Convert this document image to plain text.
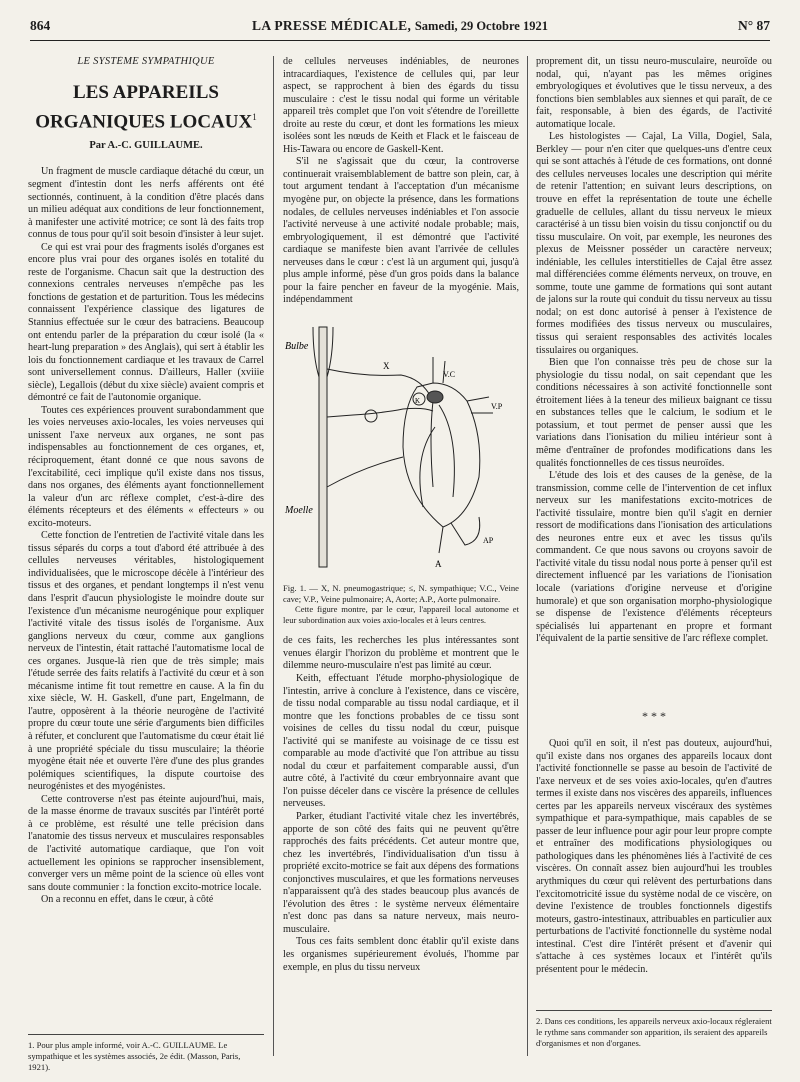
864	LA PRESSE MÉDICALE, Samedi, 29 Octobre 1921	N° 87
LE SYSTÈME SYMPATHIQUE
LES APPAREILS ORGANIQUES LOCAUX$^1$
Par A.-C. GUILLAUME.

Un fragment de muscle cardiaque détaché du cœur, un segment d'intestin dont les nerfs afférents ont été sectionnés, continuent, à la condition d'être placés dans un milieu adéquat aux conditions de leur fonctionnement, à manifester une activité motrice; ce sont là des faits trop connus de tous pour qu'il soit besoin d'insister à leur sujet.

Ce qui est vrai pour des fragments isolés d'organes est encore plus vrai pour des organes isolés en totalité du reste de l'organisme. Chacun sait que la destruction des connexions centrales nerveuses n'empêche pas les fonctions de gestation et de parturition. Tous les médecins connaissent l'expérience classique des ligatures de Stannius effectuée sur le cœur des batraciens. Beaucoup ont entendu parler de la préparation du cœur isolé (la « heart-lung preparation » des Anglais), qui sert à établir les lois du fonctionnement cardiaque et les travaux de Carrel sont universellement connus. D'ailleurs, Haller (xviiie siècle), Legallois (début du xixe siècle) avaient compris et démontré ce fait de l'autonomie organique.

Toutes ces expériences prouvent surabondamment que les voies nerveuses axio-locales, les voies nerveuses qui unissent l'axe nerveux aux organes, ne sont pas indispensables au fonctionnement de ces organes, et, réciproquement, étant donné ce que nous savons de l'excitabilité, ceci implique qu'il existe dans nos tissus, dans nos organes, des éléments ayant fonctionnellement la valeur d'un arc réflexe complet, c'est-à-dire des éléments récepteurs et des éléments « effecteurs » ou excito-moteurs.

Cette fonction de l'entretien de l'activité vitale dans les tissus séparés du corps a tout d'abord été attribuée à des cellules nerveuses véritables, histologiquement individualisées, que le microscope décèle à l'intérieur des tissus et des organes, et pendant longtemps il n'est venu dans l'esprit d'aucun physiologiste le moindre doute sur l'existence d'un mécanisme neurogénique pour expliquer l'activité vitale des tissus isolés de l'organisme. Aux ganglions nerveux du cœur, comme aux ganglions nerveux de l'intestin, était rattaché l'automatisme local de ces organes. Jusque-là rien que de très simple; mais l'étude serrée des faits relatifs à l'activité du cœur et à son mécanisme intime fit tout remettre en cause. A la fin du xixe siècle, W. H. Gaskell, d'une part, Engelmann, de l'autre, opposèrent à la théorie neurogène de l'activité propre du cœur toute une série d'arguments bien difficiles à réfuter, et conclurent que l'automatisme du cœur était lié à une propriété spéciale du tissu musculaire; la théorie myogène était née et ouverte l'ère d'une des plus grandes polémiques scientifiques, la dispute courtoise des neurogénistes et des myogénistes.

Cette controverse n'est pas éteinte aujourd'hui, mais, de la masse énorme de travaux suscités par l'intérêt porté à ce problème, est résulté une telle précision dans l'anatomie des tissus nerveux et musculaires responsables de l'activité automatique cardiaque, que l'on voit actuellement les opinions se rapprocher insensiblement, converger vers un même point de la science où elles vont sans doute communier : la fonction excito-motrice locale.

On a reconnu en effet, dans le cœur, à côté

de cellules nerveuses indéniables, de neurones intracardiaques, l'existence de cellules qui, par leur aspect, se rapprochent à bien des égards du tissu musculaire : c'est le tissu nodal qui forme un véritable appareil très complet que l'on voit s'étendre de l'oreillette droite au reste du cœur, et dont les formations les mieux isolées sont les nœuds de Keith et Flack et le faisceau de His-Tawara ou encore de Gaskell-Kent.

S'il ne s'agissait que du cœur, la controverse continuerait vraisemblablement de battre son plein, car, à tout argument tendant à l'acceptation d'un mécanisme myogène pur, on objecte la présence, dans les formations nodales, de cellules nerveuses indéniables et l'on associe l'activité nerveuse à une activité nodale probable; mais, embryologiquement, il est démontré que l'activité cardiaque se manifeste bien avant l'arrivée de cellules nerveuses dans le cœur : c'est là un argument qui, jusqu'à plus ample informé, pèse d'un gros poids dans la balance pour la faire pencher en faveur de la myogénie. Mais, indépendamment

Bulbe
Moelle
X
K
V.C
V.P
AP
A

Fig. 1. — X, N. pneumogastrique; ≤, N. sympathique; V.C., Veine cave; V.P., Veine pulmonaire; A, Aorte; A.P., Aorte pulmonaire.

Cette figure montre, par le cœur, l'appareil local autonome et leur subordination aux voies axio-locales et à leurs centres.

de ces faits, les recherches les plus intéressantes sont venues élargir l'horizon du problème et montrent que le dilemme neuro-musculaire n'est pas limité au cœur.

Keith, effectuant l'étude morpho-physiologique de l'intestin, arrive à conclure à l'existence, dans ce viscère, de tissu nodal comparable au tissu nodal cardiaque, et il montre que les fonctions probables de ce tissu sont voisines de celles du tissu nodal du cœur, puisque l'activité qui se manifeste au voisinage de ce tissu est comparable au mode d'activité que l'on attribue au tissu nodal du cœur et parfaitement comparable aussi, d'un autre côté, à l'activité du cœur embryonnaire avant que l'on puisse déceler dans ce viscère la présence de cellules nerveuses.

Parker, étudiant l'activité vitale chez les invertébrés, apporte de son côté des faits qui ne peuvent qu'être rapprochés des faits précédents. Cet auteur montre que, chez les invertébrés, l'individualisation d'un tissu à propriété excito-motrice se fait aux dépens des formations conjonctives musculaires, et que les formations nerveuses n'apparaissent qu'à des stades beaucoup plus avancés de l'évolution des êtres : le système nerveux élémentaire n'est donc pas dans sa nature nerveux, mais neuro-musculaire.

Tous ces faits semblent donc établir qu'il existe dans les organismes supérieurement évolués, l'homme par exemple, en plus du tissu nerveux

proprement dit, un tissu neuro-musculaire, neuroïde ou nodal, qui, n'ayant pas les mêmes origines embryologiques et évolutives que le tissu nerveux, a des fonctions bien semblables aux siennes et qui paraît, de ce fait, responsable, à bien des égards, de l'activité automatique locale.

Les histologistes — Cajal, La Villa, Dogiel, Sala, Berkley — pour n'en citer que quelques-uns d'entre ceux qui se sont attachés à l'étude de ces formations, ont donné des cellules nerveuses locales une description qui mérite de retenir l'attention; en suivant leurs descriptions, on trouve en effet la représentation de toute une échelle graduelle de cellules, allant du tissu nerveux le mieux caractérisé à un tissu bien voisin du tissu conjonctif ou du tissu musculaire. On voit, par exemple, les neurones des plexus de Meissner posséder un caractère nerveux; indéniable, les cellules interstitielles de Cajal être assez mal différenciées comme éléments nerveux, on trouve, en somme, toute une gamme de formations qui sont autant de jalons sur la route qui conduit du tissu nerveux au tissu nodal; on est donc autorisé à penser à l'existence de formes modifiées des tissus nerveux ou musculaires, tissus qui seraient responsables des activités locales tissulaires ou organiques.

Bien que l'on connaisse très peu de chose sur la physiologie du tissu nodal, on sait cependant que les conditions nécessaires à son activité fonctionnelle sont étroitement liées à la teneur des milieux baignant ce tissu en substances telles que le calcium, le sodium et le potassium, et tout permet de penser aussi que les variations dans l'ionisation du milieu intérieur sont à même d'entraîner de profondes modifications dans les qualités fonctionnelles de ces tissus neuroïdes.

L'étude des lois et des causes de la genèse, de la transmission, comme celle de l'intervention de cet influx nerveux sur les manifestations excito-motrices de l'activité tissulaire, montre bien qu'il s'agit en dernier ressort de modifications dans l'ionisation des articulations des neurones entre eux et avec les tissus qu'ils commandent. Ce que nous savons ou croyons savoir de l'activité vitale du tissu nodal nous porte à penser qu'il est directement influencé par les variations de l'ionisation locale (variations d'origine nerveuse et d'origine humorale) et que son organisation morpho-physiologique se dispense de l'existence d'éléments récepteurs spécialisés lui appartenant en propre et formant l'équivalent de la partie sensitive de l'arc réflexe complet.

* * *

Quoi qu'il en soit, il n'est pas douteux, aujourd'hui, qu'il existe dans nos organes des appareils locaux dont l'activité fonctionnelle se passe au besoin de l'activité de l'axe nerveux et de ses voies axio-locales, qu'en d'autres termes il existe dans nos viscères des appareils, influences certes par les appareils nerveux viscéraux des systèmes sympathique et para-sympathique, mais capables de se passer de leur influence pour agir pour leur propre compte et entraîner des modifications physiologiques ou pathologiques dans les phénomènes liés à l'activité de ces viscères. On connaît assez bien aujourd'hui les troubles arythmiques du cœur qui relèvent des perturbations dans l'excitomotricité issue du système nodal de ce viscère, on devine l'existence de troubles fonctionnels digestifs moteurs, gastro-intestinaux, attribuables en particulier aux perturbations de l'activité fonctionnelle du système nodal intestinal. C'est dire l'intérêt présent et d'avenir qui s'attache à ces systèmes locaux et l'intérêt qu'ils présentent pour le médecin.

1. Pour plus ample informé, voir A.-C. GUILLAUME. Le sympathique et les systèmes associés, 2e édit. (Masson, Paris, 1921).
2. Dans ces conditions, les appareils nerveux axio-locaux régleraient le rythme sans commander son apparition, ils seraient des appareils d'organismes et non d'organes.
